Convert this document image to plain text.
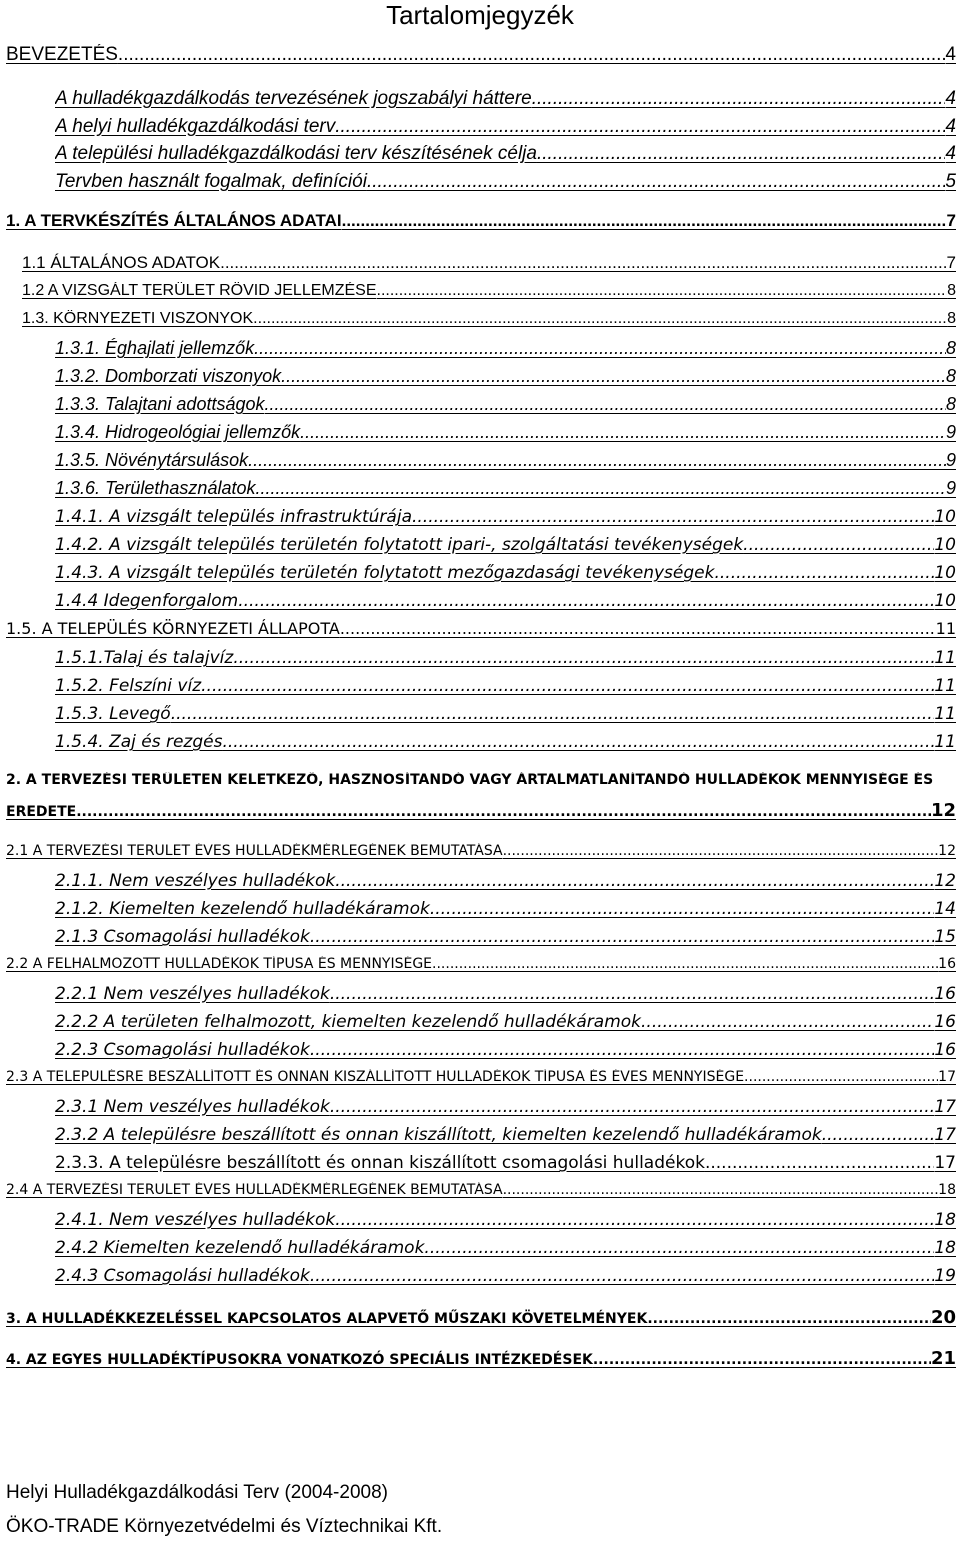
Tartalomjegyzék
BEVEZETÉS .....	4
A hulladékgazdálkodás tervezésének jogszabályi háttere .....	4
A helyi hulladékgazdálkodási terv .....	4
A települési hulladékgazdálkodási terv készítésének célja .....	4
Tervben használt fogalmak, definíciói .....	5
1. A TERVKÉSZÍTÉS ÁLTALÁNOS ADATAI .....	7
1.1 ÁLTALÁNOS ADATOK .....	7
1.2 A VIZSGÁLT TERÜLET RÖVID JELLEMZÉSE .....	8
1.3. KÖRNYEZETI VISZONYOK .....	8
1.3.1. Éghajlati jellemzők .....	8
1.3.2. Domborzati viszonyok .....	8
1.3.3. Talajtani adottságok .....	8
1.3.4. Hidrogeológiai jellemzők .....	9
1.3.5. Növénytársulások .....	9
1.3.6. Területhasználatok .....	9
1.4.1. A vizsgált település infrastruktúrája .....	10
1.4.2. A vizsgált település területén folytatott ipari-, szolgáltatási tevékenységek .....	10
1.4.3. A vizsgált település területén folytatott mezőgazdasági tevékenységek .....	10
1.4.4 Idegenforgalom .....	10
1.5. A TELEPÜLÉS KÖRNYEZETI ÁLLAPOTA .....	11
1.5.1.Talaj és talajvíz .....	11
1.5.2. Felszíni víz .....	11
1.5.3. Levegő .....	11
1.5.4. Zaj és rezgés .....	11
2. A TERVEZÉSI TERÜLETEN KELETKEZŐ, HASZNOSÍTANDÓ VAGY ÁRTALMATLANÍTANDÓ HULLADÉKOK MENNYISÉGE ÉS
EREDETE .....	12
2.1 A TERVEZÉSI TERÜLET ÉVES HULLADÉKMÉRLEGÉNEK BEMUTATÁSA .....	12
2.1.1. Nem veszélyes hulladékok .....	12
2.1.2. Kiemelten kezelendő hulladékáramok .....	14
2.1.3 Csomagolási hulladékok .....	15
2.2 A FELHALMOZOTT HULLADÉKOK TÍPUSA ÉS MENNYISÉGE .....	16
2.2.1 Nem veszélyes hulladékok .....	16
2.2.2 A területen felhalmozott, kiemelten kezelendő hulladékáramok .....	16
2.2.3 Csomagolási hulladékok .....	16
2.3 A TELEPÜLÉSRE BESZÁLLÍTOTT ÉS ONNAN KISZÁLLÍTOTT HULLADÉKOK TÍPUSA ÉS ÉVES MENNYISÉGE .....	17
2.3.1 Nem veszélyes hulladékok .....	17
2.3.2 A településre beszállított és onnan kiszállított, kiemelten kezelendő hulladékáramok .....	17
2.3.3. A településre beszállított és onnan kiszállított csomagolási hulladékok .....	17
2.4 A TERVEZÉSI TERÜLET ÉVES HULLADÉKMÉRLEGÉNEK BEMUTATÁSA .....	18
2.4.1. Nem veszélyes hulladékok .....	18
2.4.2 Kiemelten kezelendő hulladékáramok .....	18
2.4.3 Csomagolási hulladékok .....	19
3. A HULLADÉKKEZELÉSSEL KAPCSOLATOS ALAPVETŐ MŰSZAKI KÖVETELMÉNYEK .....	20
4. AZ EGYES HULLADÉKTÍPUSOKRA VONATKOZÓ SPECIÁLIS INTÉZKEDÉSEK .....	21
Helyi Hulladékgazdálkodási Terv (2004-2008)
ÖKO-TRADE Környezetvédelmi és Víztechnikai Kft.
